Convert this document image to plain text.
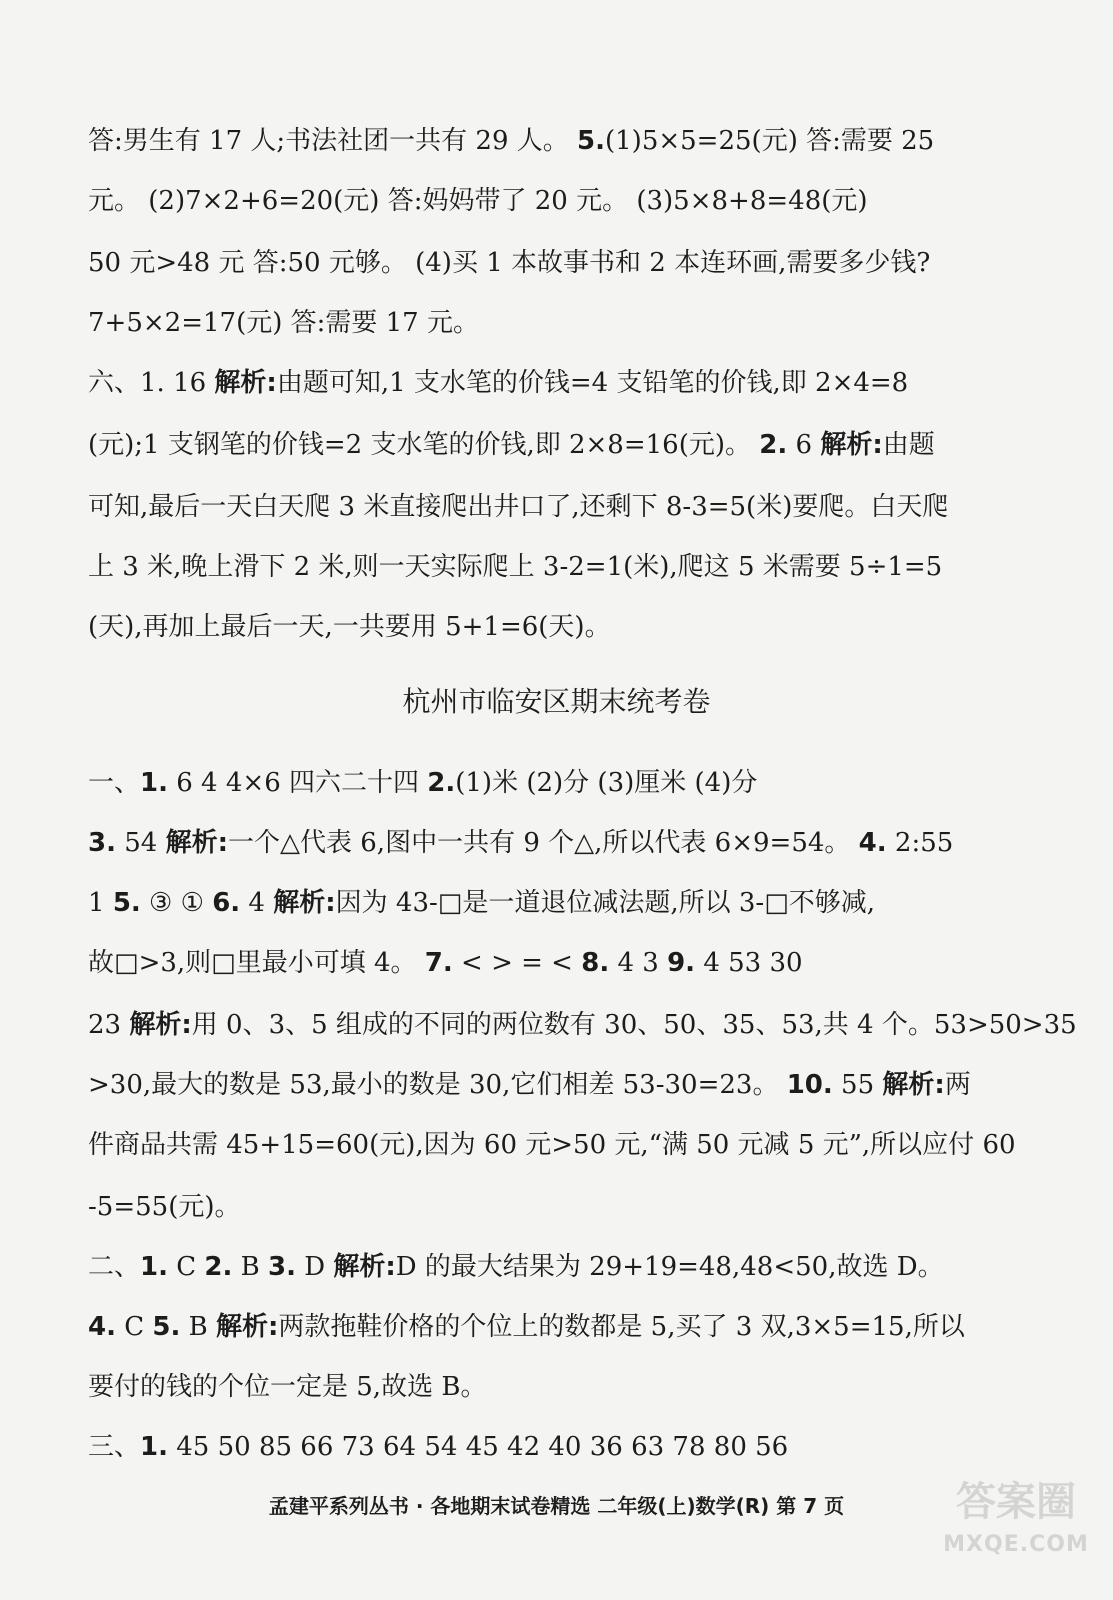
答:男生有 17 人;书法社团一共有 29 人。 5.(1)5×5=25(元) 答:需要 25
元。 (2)7×2+6=20(元) 答:妈妈带了 20 元。 (3)5×8+8=48(元)
50 元>48 元 答:50 元够。 (4)买 1 本故事书和 2 本连环画,需要多少钱?
7+5×2=17(元) 答:需要 17 元。
六、1. 16 解析:由题可知,1 支水笔的价钱=4 支铅笔的价钱,即 2×4=8
(元);1 支钢笔的价钱=2 支水笔的价钱,即 2×8=16(元)。 2. 6 解析:由题
可知,最后一天白天爬 3 米直接爬出井口了,还剩下 8-3=5(米)要爬。白天爬
上 3 米,晚上滑下 2 米,则一天实际爬上 3-2=1(米),爬这 5 米需要 5÷1=5
(天),再加上最后一天,一共要用 5+1=6(天)。
一、1. 6 4 4×6 四六二十四 2.(1)米 (2)分 (3)厘米 (4)分
3. 54 解析:一个△代表 6,图中一共有 9 个△,所以代表 6×9=54。 4. 2:55
1 5. ③ ① 6. 4 解析:因为 43-□是一道退位减法题,所以 3-□不够减,
故□>3,则□里最小可填 4。 7. < > = < 8. 4 3 9. 4 53 30
23 解析:用 0、3、5 组成的不同的两位数有 30、50、35、53,共 4 个。53>50>35
>30,最大的数是 53,最小的数是 30,它们相差 53-30=23。 10. 55 解析:两
件商品共需 45+15=60(元),因为 60 元>50 元,“满 50 元减 5 元”,所以应付 60
-5=55(元)。
二、1. C 2. B 3. D 解析:D 的最大结果为 29+19=48,48<50,故选 D。
4. C 5. B 解析:两款拖鞋价格的个位上的数都是 5,买了 3 双,3×5=15,所以
要付的钱的个位一定是 5,故选 B。
三、1. 45 50 85 66 73 64 54 45 42 40 36 63 78 80 56
杭州市临安区期末统考卷
孟建平系列丛书 · 各地期末试卷精选 二年级(上)数学(R) 第 7 页	答案圈
MXQE.COM
